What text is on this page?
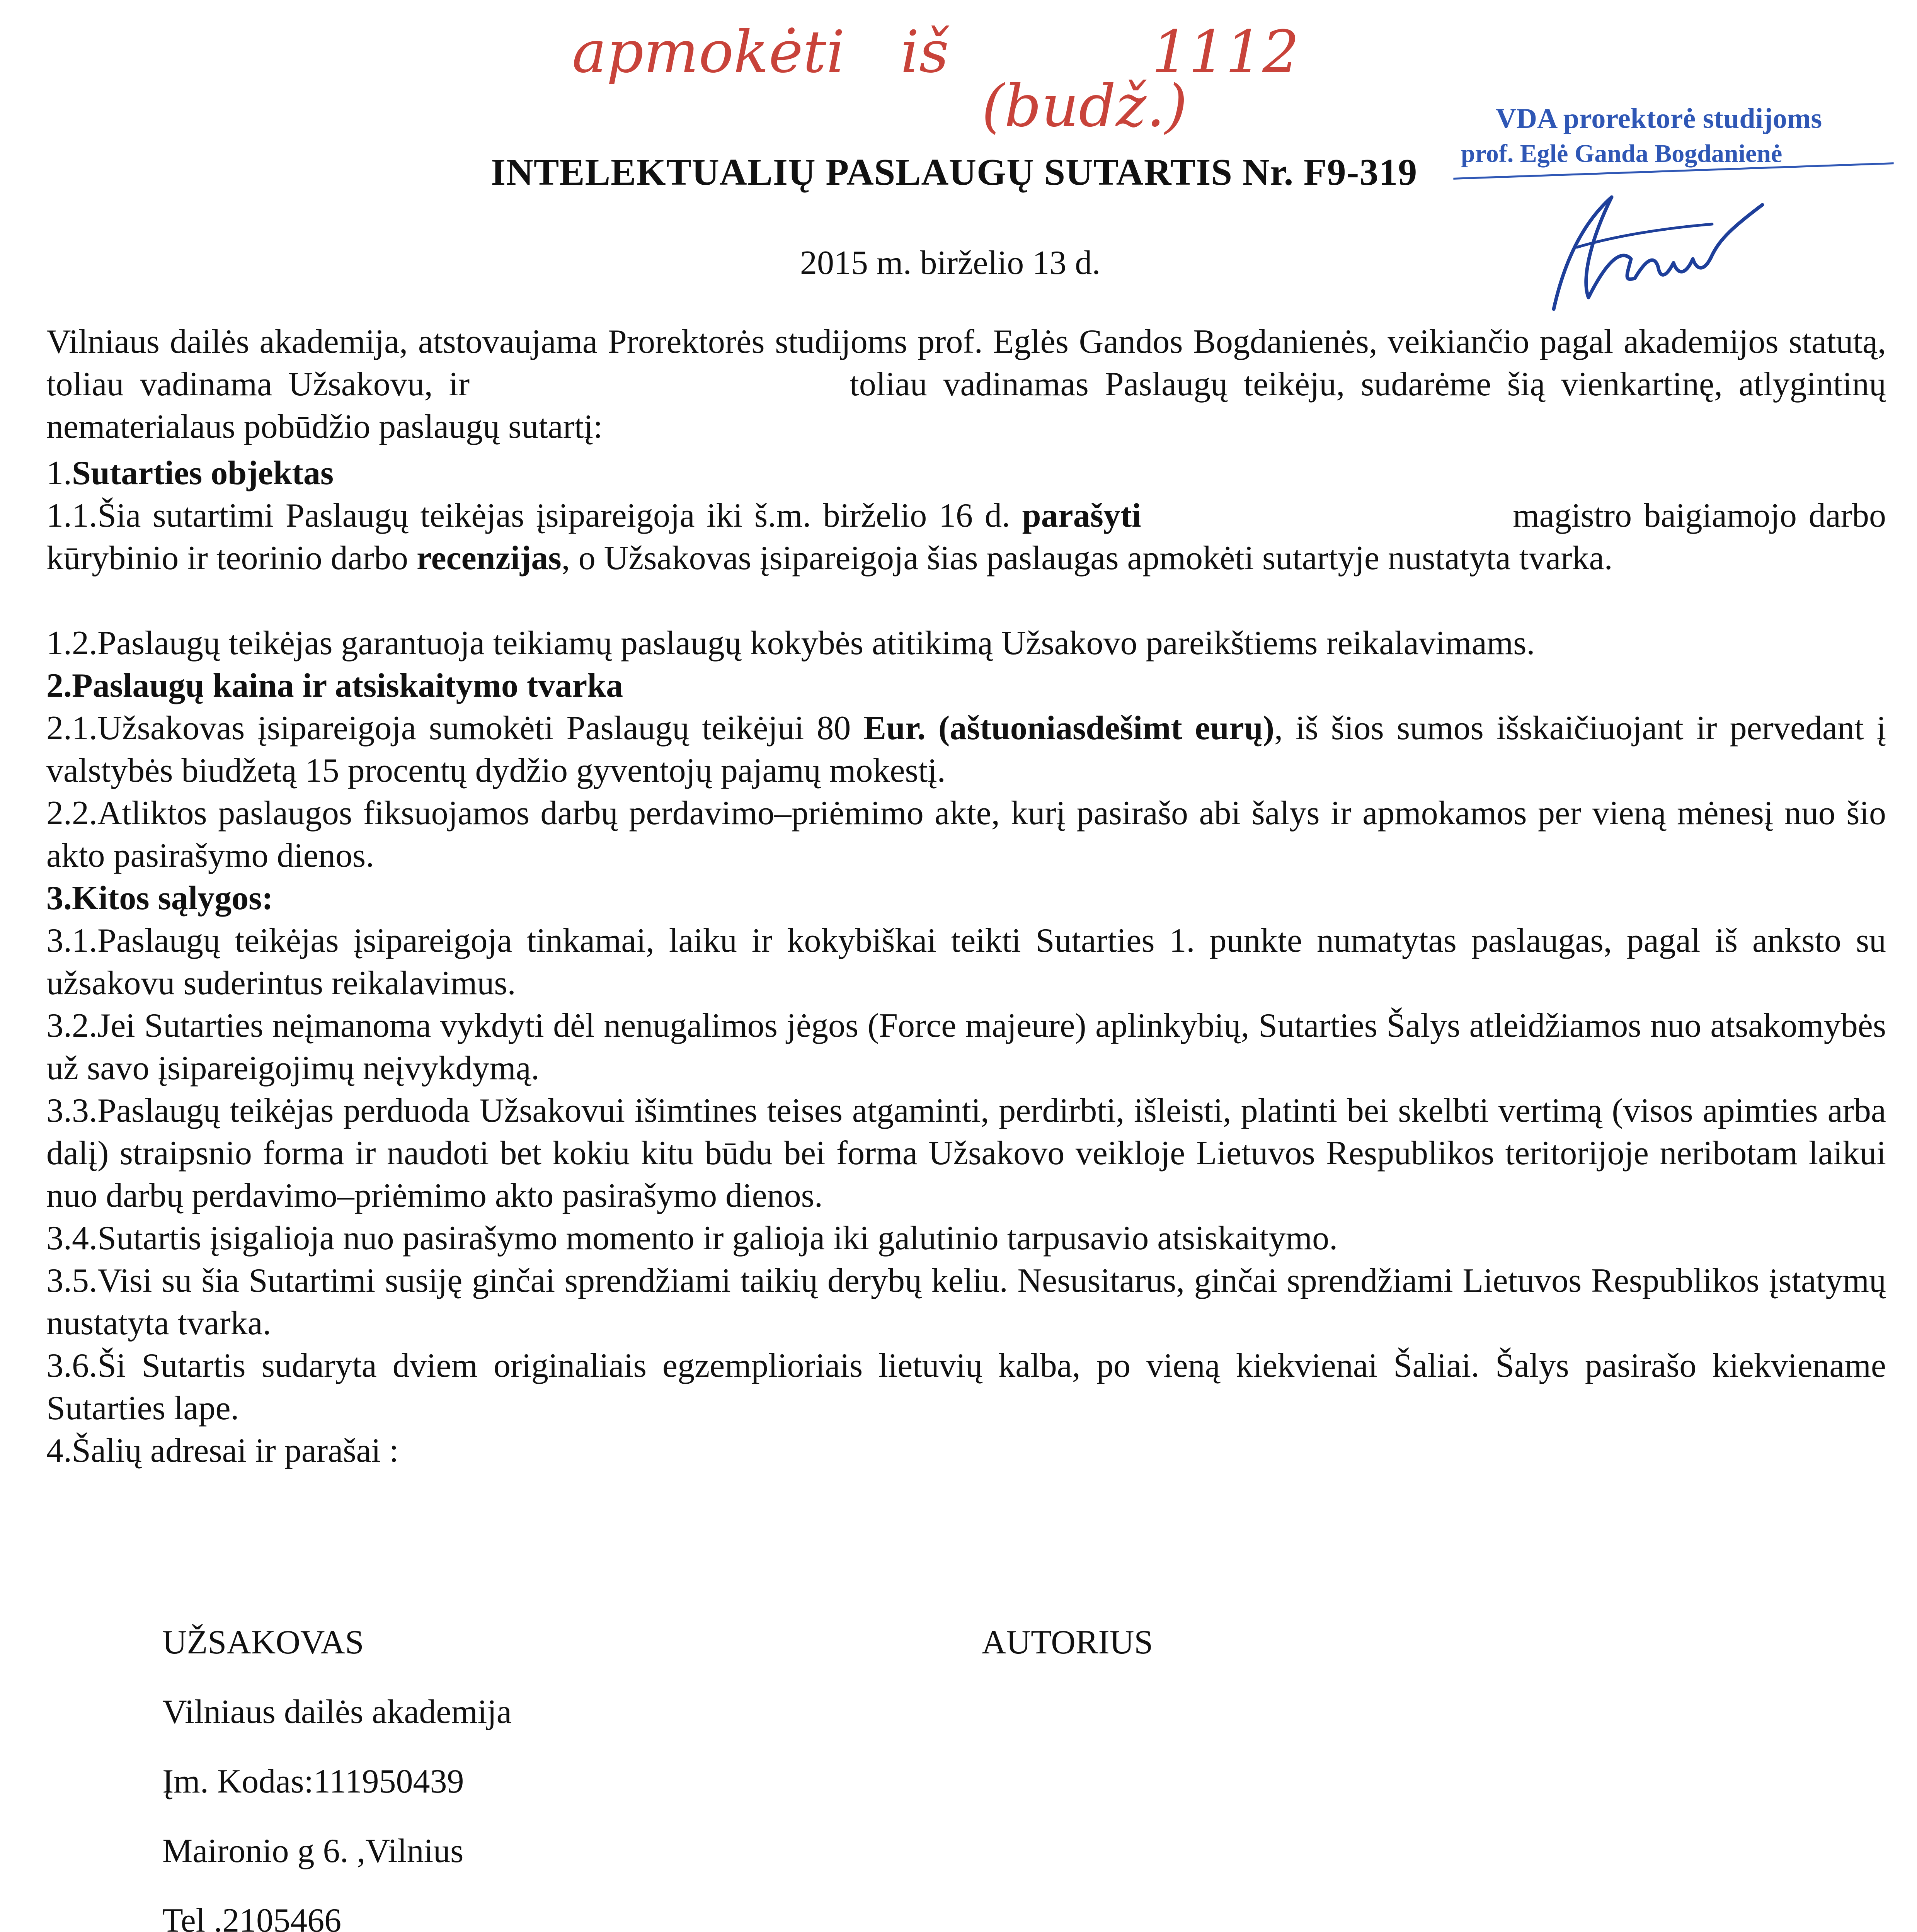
apmokėti iš	1112
(budž.)	VDA prorektorė studijoms
prof. Eglė Ganda Bogdanienė
INTELEKTUALIŲ PASLAUGŲ SUTARTIS Nr. F9-319
2015 m. birželio 13 d.
Vilniaus dailės akademija, atstovaujama Prorektorės studijoms prof. Eglės Gandos Bogdanienės, veikiančio pagal akademijos statutą, toliau vadinama Užsakovu, ir	toliau vadinamas Paslaugų teikėju, sudarėme šią vienkartinę, atlygintinų nematerialaus pobūdžio paslaugų sutartį:
1.Sutarties objektas
1.1.Šia sutartimi Paslaugų teikėjas įsipareigoja iki š.m. birželio 16 d. parašyti	magistro baigiamojo darbo kūrybinio ir teorinio darbo recenzijas, o Užsakovas įsipareigoja šias paslaugas apmokėti sutartyje nustatyta tvarka.
1.2.Paslaugų teikėjas garantuoja teikiamų paslaugų kokybės atitikimą Užsakovo pareikštiems reikalavimams.
2.Paslaugų kaina ir atsiskaitymo tvarka
2.1.Užsakovas įsipareigoja sumokėti Paslaugų teikėjui 80 Eur. (aštuoniasdešimt eurų), iš šios sumos išskaičiuojant ir pervedant į valstybės biudžetą 15 procentų dydžio gyventojų pajamų mokestį.
2.2.Atliktos paslaugos fiksuojamos darbų perdavimo–priėmimo akte, kurį pasirašo abi šalys ir apmokamos per vieną mėnesį nuo šio akto pasirašymo dienos.
3.Kitos sąlygos:
3.1.Paslaugų teikėjas įsipareigoja tinkamai, laiku ir kokybiškai teikti Sutarties 1. punkte numatytas paslaugas, pagal iš anksto su užsakovu suderintus reikalavimus.
3.2.Jei Sutarties neįmanoma vykdyti dėl nenugalimos jėgos (Force majeure) aplinkybių, Sutarties Šalys atleidžiamos nuo atsakomybės už savo įsipareigojimų neįvykdymą.
3.3.Paslaugų teikėjas perduoda Užsakovui išimtines teises atgaminti, perdirbti, išleisti, platinti bei skelbti vertimą (visos apimties arba dalį) straipsnio forma ir naudoti bet kokiu kitu būdu bei forma Užsakovo veikloje Lietuvos Respublikos teritorijoje neribotam laikui nuo darbų perdavimo–priėmimo akto pasirašymo dienos.
3.4.Sutartis įsigalioja nuo pasirašymo momento ir galioja iki galutinio tarpusavio atsiskaitymo.
3.5.Visi su šia Sutartimi susiję ginčai sprendžiami taikių derybų keliu. Nesusitarus, ginčai sprendžiami Lietuvos Respublikos įstatymų nustatyta tvarka.
3.6.Ši Sutartis sudaryta dviem originaliais egzemplioriais lietuvių kalba, po vieną kiekvienai Šaliai. Šalys pasirašo kiekviename Sutarties lape.
4.Šalių adresai ir parašai :
UŽSAKOVAS	AUTORIUS
Vilniaus dailės akademija
Įm. Kodas:111950439
Maironio g 6. ,Vilnius
Tel .2105466
